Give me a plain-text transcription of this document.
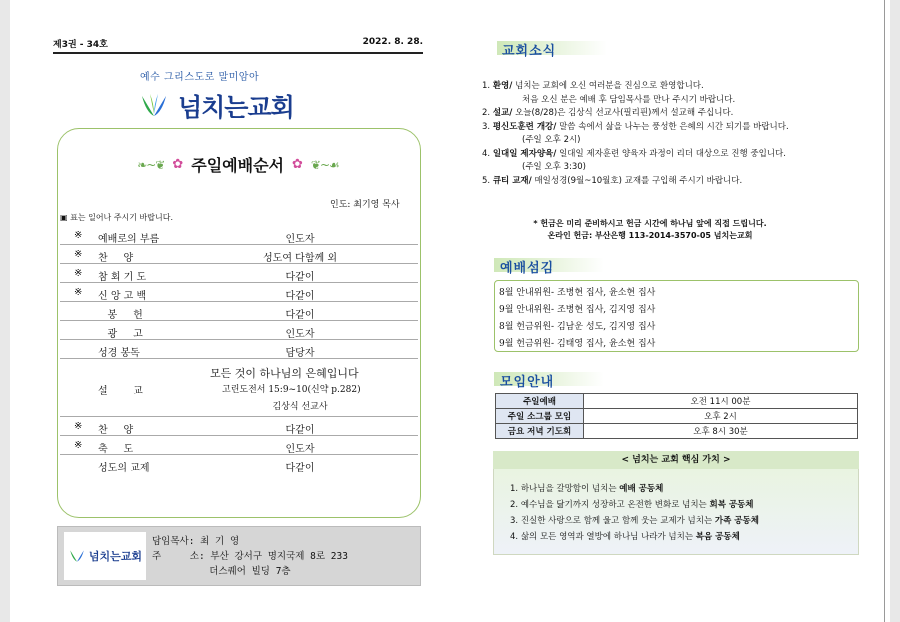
제3권 - 34호	2022. 8. 28.
예수 그리스도로 말미암아
넘치는교회
❧~❦ ✿ 주일예배순서 ✿ ❦~☙
인도: 최기영 목사
▣ 표는 일어나 주시기 바랍니다.
※ 예배로의 부름	인도자
※ 찬     양	성도여 다함께 외
※ 참 회 기 도	다같이
※ 신 앙 고 백	다같이
봉     헌	다같이
광     고	인도자
성경 봉독	담당자
설        교
모든 것이 하나님의 은혜입니다
고린도전서 15:9~10(신약 p.282)
김상식 선교사
※ 찬     양	다같이
※ 축     도	인도자
성도의 교제	다같이
넘치는교회
담임목사: 최 기 영
주     소: 부산 강서구 명지국제 8로 233
더스퀘어 빌딩 7층
교회소식
1. 환영/ 넘치는 교회에 오신 여러분을 진심으로 환영합니다.
처음 오신 분은 예배 후 담임목사를 만나 주시기 바랍니다.
2. 설교/ 오늘(8/28)은 김상식 선교사(필리핀)께서 설교해 주십니다.
3. 평신도훈련 개강/ 말씀 속에서 삶을 나누는 풍성한 은혜의 시간 되기를 바랍니다.
(주일 오후 2시)
4. 일대일 제자양육/ 일대일 제자훈련 양육자 과정이 리더 대상으로 진행 중입니다.
(주일 오후 3:30)
5. 큐티 교재/ 매일성경(9월~10월호) 교재를 구입해 주시기 바랍니다.
* 헌금은 미리 준비하시고 헌금 시간에 하나님 앞에 직접 드립니다.
온라인 헌금: 부산은행 113-2014-3570-05 넘치는교회
예배섬김
8월 안내위원- 조병현 집사, 윤소현 집사
9월 안내위원- 조병현 집사, 김지영 집사
8월 헌금위원- 김남운 성도, 김지영 집사
9월 헌금위원- 김태영 집사, 윤소현 집사
모임안내
주일예배	오전 11시 00분
주일 소그룹 모임	오후 2시
금요 저녁 기도회	오후 8시 30분
< 넘치는 교회 핵심 가치 >
1. 하나님을 갈망함이 넘치는 예배 공동체
2. 예수님을 닮기까지 성장하고 온전한 변화로 넘치는 회복 공동체
3. 진실한 사랑으로 함께 울고 함께 웃는 교제가 넘치는 가족 공동체
4. 삶의 모든 영역과 열방에 하나님 나라가 넘치는 복음 공동체
